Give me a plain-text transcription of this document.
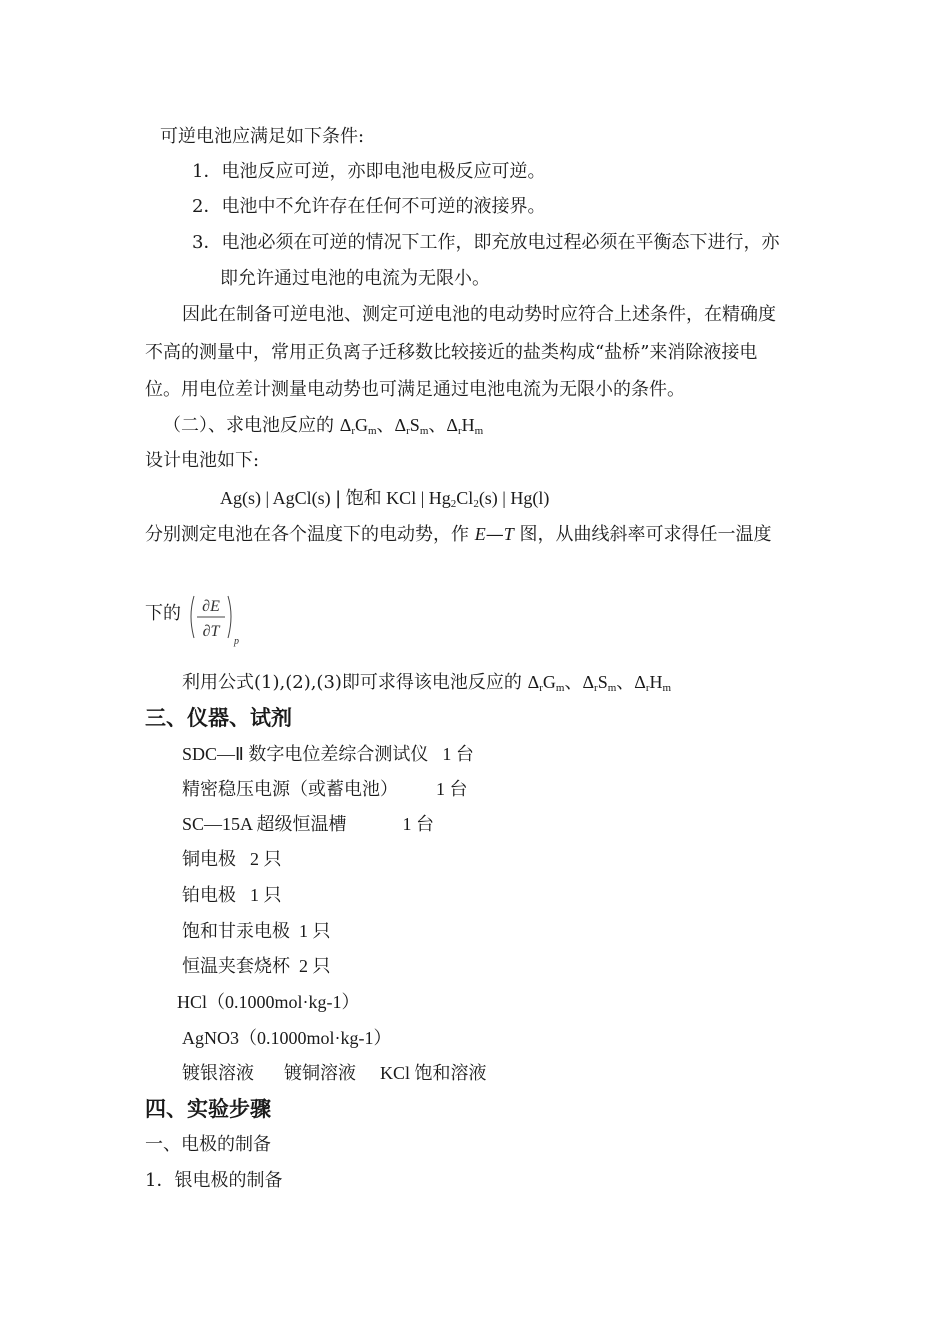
可逆电池应满足如下条件:
1．电池反应可逆，亦即电池电极反应可逆。
2．电池中不允许存在任何不可逆的液接界。
3．电池必须在可逆的情况下工作，即充放电过程必须在平衡态下进行，亦
即允许通过电池的电流为无限小。
因此在制备可逆电池、测定可逆电池的电动势时应符合上述条件，在精确度
不高的测量中，常用正负离子迁移数比较接近的盐类构成“盐桥”来消除液接电
位。用电位差计测量电动势也可满足通过电池电流为无限小的条件。
（二）、求电池反应的 $\Delta_rG_m$、$\Delta_rS_m$、$\Delta_rH_m$
设计电池如下:
Ag(s) | AgCl(s) | 饱和 KCl | $Hg_2Cl_2(s)$ | Hg(l)
分别测定电池在各个温度下的电动势，作 E—T 图，从曲线斜率可求得任一温度
下的 ∂E
∂T
p
利用公式(1),(2),(3)即可求得该电池反应的 $\Delta_rG_m$、$\Delta_rS_m$、$\Delta_rH_m$
三、仪器、试剂
SDC—Ⅱ 数字电位差综合测试仪 1 台
精密稳压电源（或蓄电池） 1 台
SC—15A 超级恒温槽	1 台
铜电极 2 只
铂电极 1 只
饱和甘汞电极 1 只
恒温夹套烧杯 2 只
HCl（0.1000mol·kg-1）
AgNO3（0.1000mol·kg-1）
镀银溶液 镀铜溶液 KCl 饱和溶液
四、实验步骤
一、电极的制备
1．银电极的制备
